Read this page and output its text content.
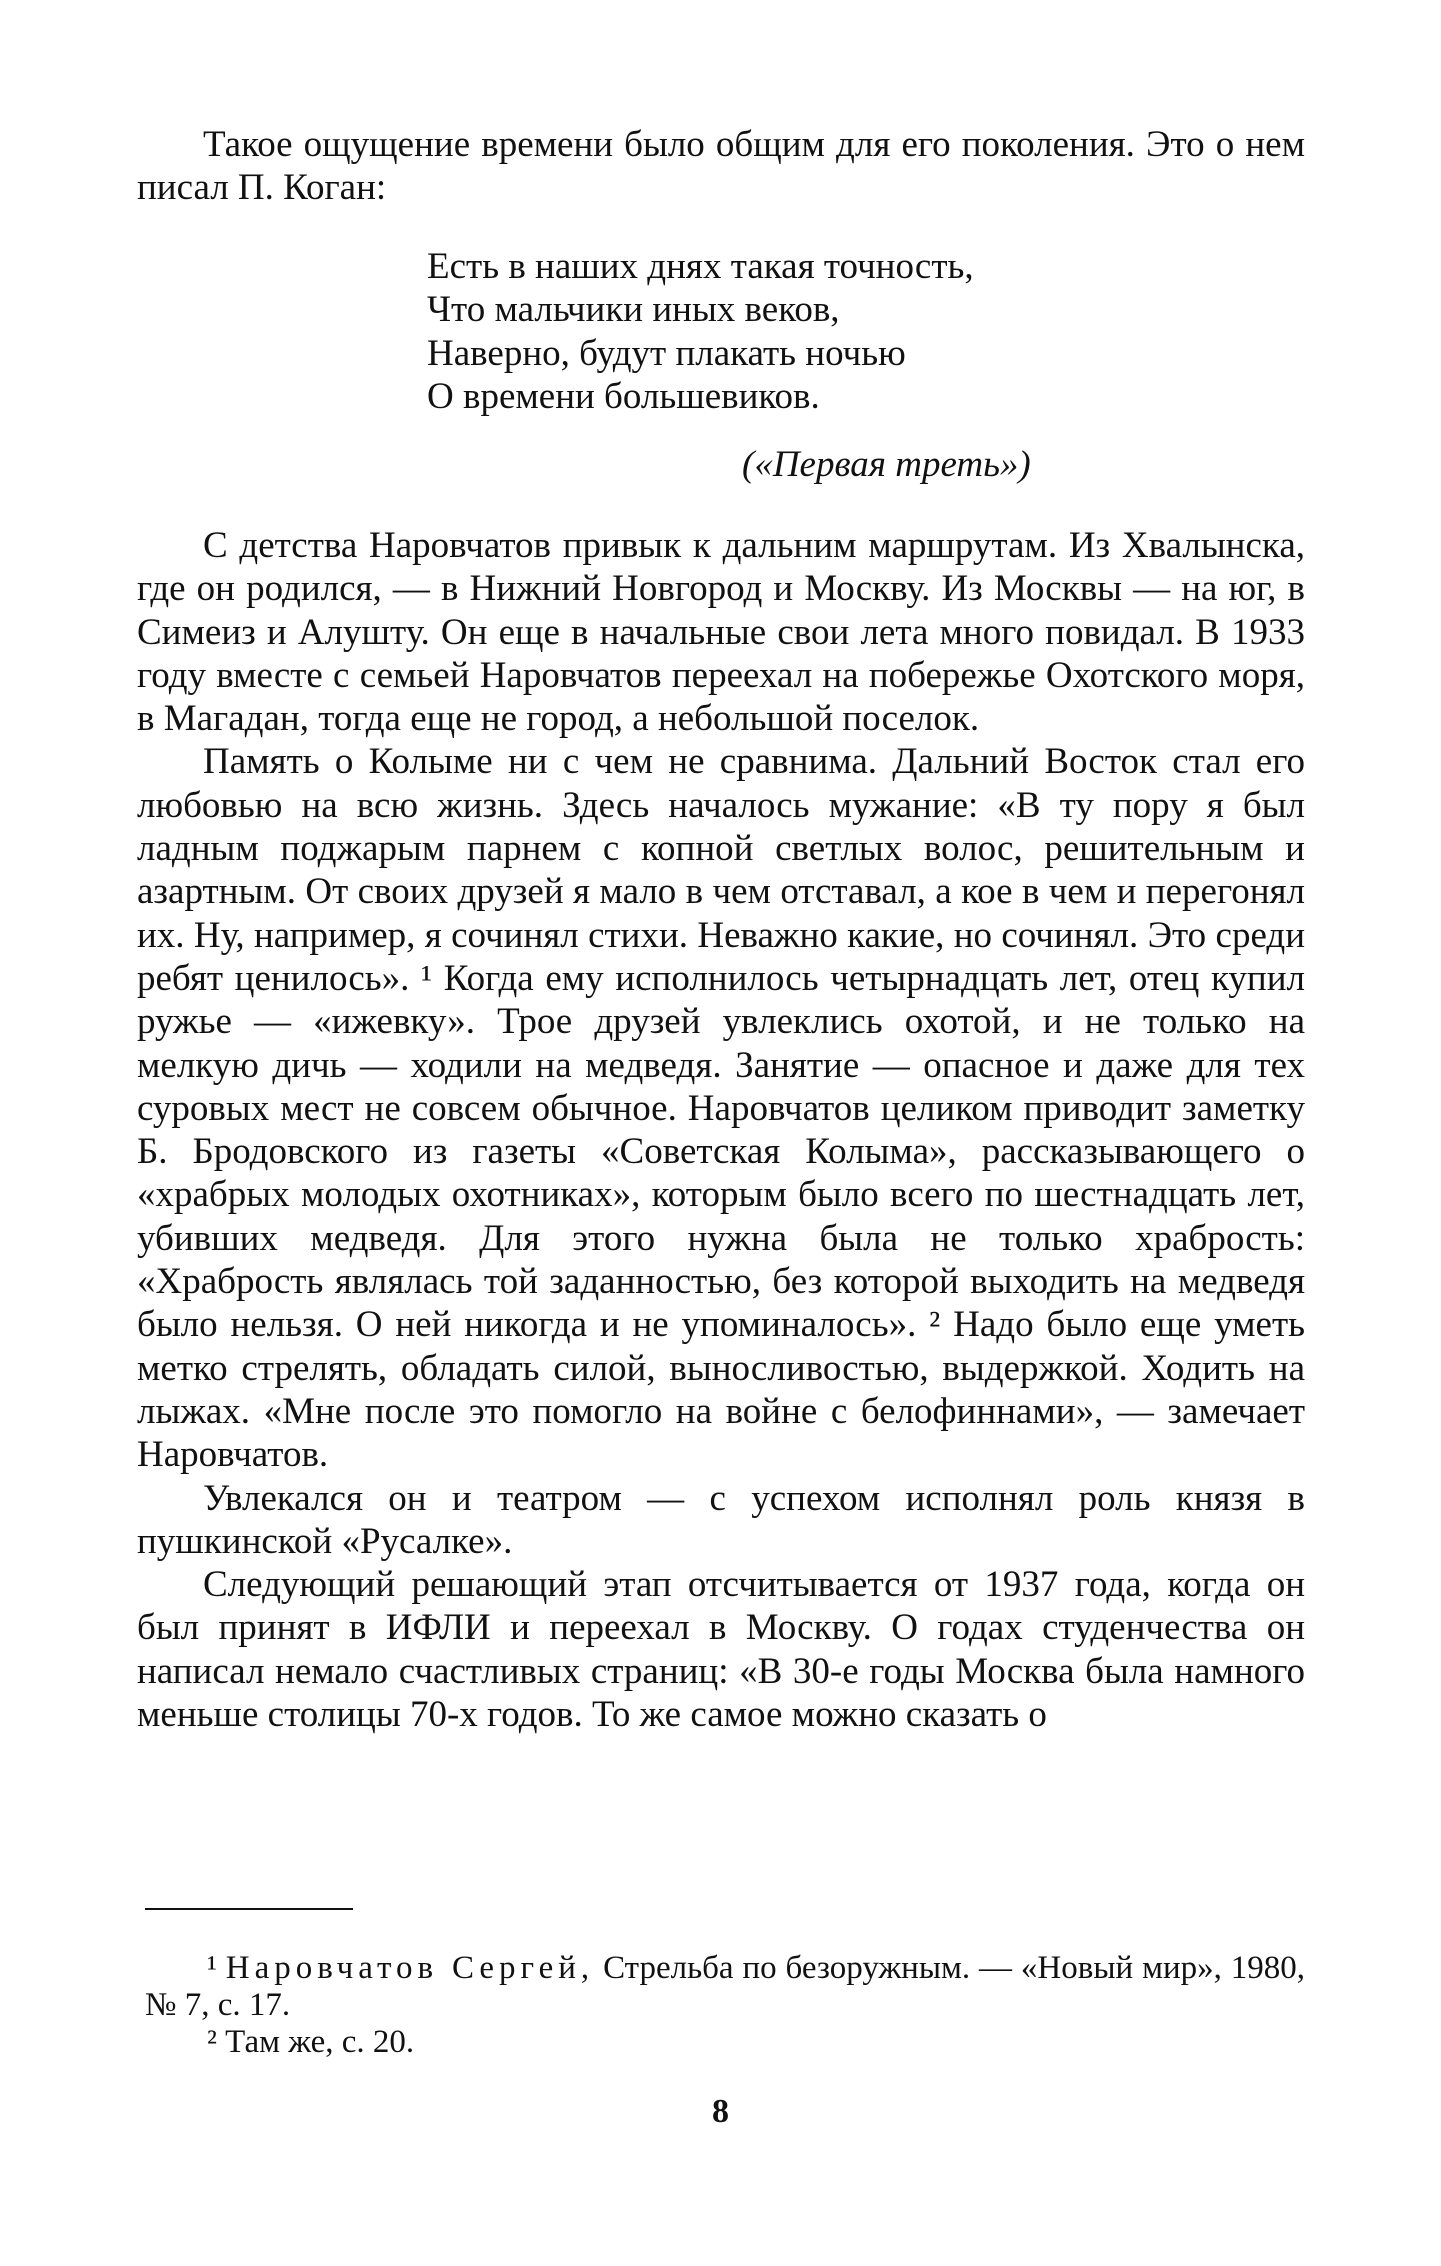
Такое ощущение времени было общим для его поколения. Это о нем писал П. Коган:

Есть в наших днях такая точность,
Что мальчики иных веков,
Наверно, будут плакать ночью
О времени большевиков.
(«Первая треть»)

С детства Наровчатов привык к дальним маршрутам. Из Хвалынска, где он родился, — в Нижний Новгород и Москву. Из Москвы — на юг, в Симеиз и Алушту. Он еще в начальные свои лета много повидал. В 1933 году вместе с семьей Наровчатов переехал на побережье Охотского моря, в Магадан, тогда еще не город, а небольшой поселок.

Память о Колыме ни с чем не сравнима. Дальний Восток стал его любовью на всю жизнь. Здесь началось мужание: «В ту пору я был ладным поджарым парнем с копной светлых волос, решительным и азартным. От своих друзей я мало в чем отставал, а кое в чем и перегонял их. Ну, например, я сочинял стихи. Неважно какие, но сочинял. Это среди ребят ценилось». ¹ Когда ему исполнилось четырнадцать лет, отец купил ружье — «ижевку». Трое друзей увлеклись охотой, и не только на мелкую дичь — ходили на медведя. Занятие — опасное и даже для тех суровых мест не совсем обычное. Наровчатов целиком приводит заметку Б. Бродовского из газеты «Советская Колыма», рассказывающего о «храбрых молодых охотниках», которым было всего по шестнадцать лет, убивших медведя. Для этого нужна была не только храбрость: «Храбрость являлась той заданностью, без которой выходить на медведя было нельзя. О ней никогда и не упоминалось». ² Надо было еще уметь метко стрелять, обладать силой, выносливостью, выдержкой. Ходить на лыжах. «Мне после это помогло на войне с белофиннами», — замечает Наровчатов.

Увлекался он и театром — с успехом исполнял роль князя в пушкинской «Русалке».

Следующий решающий этап отсчитывается от 1937 года, когда он был принят в ИФЛИ и переехал в Москву. О годах студенчества он написал немало счастливых страниц: «В 30-е годы Москва была намного меньше столицы 70-х годов. То же самое можно сказать о

¹ Наровчатов Сергей, Стрельба по безоружным. — «Новый мир», 1980, № 7, с. 17.

² Там же, с. 20.

8
